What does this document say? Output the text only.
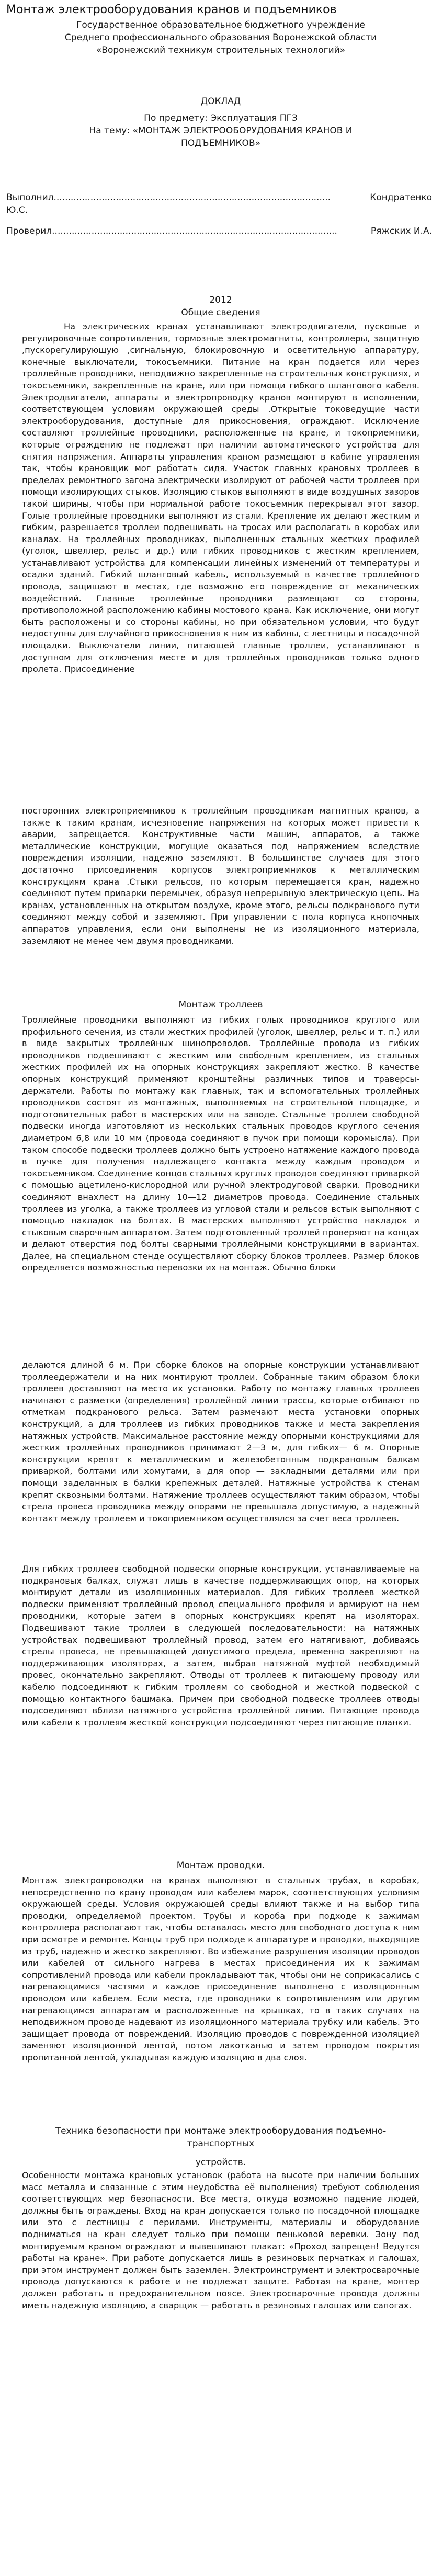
Монтаж электрооборудования кранов и подъемников
Государственное образовательное бюджетного учреждение
Среднего профессионального образования Воронежской области
«Воронежский техникум строительных технологий»
ДОКЛАД
По предмету: Эксплуатация ПГЗ
На тему: «МОНТАЖ ЭЛЕКТРООБОРУДОВАНИЯ КРАНОВ И
ПОДЪЕМНИКОВ»
Выполнил..................................................................................................	Кондратенко
Ю.С.
Проверил.....................................................................................................	Ряжских И.А.
2012
Общие сведения

На электрических кранах устанавливают электродвигатели, пусковые и регулировочные сопротивления, тормозные электромагниты, контроллеры, защитную ,пускорегулирующую ,сигнальную, блокировочную и осветительную аппаратуру, конечные выключатели, токосъемники. Питание на кран подается или через троллейные проводники, неподвижно закрепленные на строительных конструкциях, и токосъемники, закрепленные на кране, или при помощи гибкого шлангового кабеля. Электродвигатели, аппараты и электропроводку кранов монтируют в исполнении, соответствующем условиям окружающей среды .Открытые токоведущие части электрооборудования, доступные для прикосновения, ограждают. Исключение составляют троллейные проводники, расположенные на кране, и токоприемники, которые ограждению не подлежат при наличии автоматического устройства для снятия напряжения. Аппараты управления краном размещают в кабине управления так, чтобы крановщик мог работать сидя. Участок главных крановых троллеев в пределах ремонтного загона электрически изолируют от рабочей части троллеев при помощи изолирующих стыков. Изоляцию стыков выполняют в виде воздушных зазоров такой ширины, чтобы при нормальной работе токосъемник перекрывал этот зазор. Голые троллейные проводники выполняют из стали. Крепление их делают жестким и гибким, разрешается троллеи подвешивать на тросах или располагать в коробах или каналах. На троллейных проводниках, выполненных стальных жестких профилей (уголок, швеллер, рельс и др.) или гибких проводников с жестким креплением, устанавливают устройства для компенсации линейных изменений от температуры и осадки зданий. Гибкий шланговый кабель, используемый в качестве троллейного провода, защищают в местах, где возможно его повреждение от механических воздействий. Главные троллейные проводники размещают со стороны, противоположной расположению кабины мостового крана. Как исключение, они могут быть расположены и со стороны кабины, но при обязательном условии, что будут недоступны для случайного прикосновения к ним из кабины, с лестницы и посадочной площадки. Выключатели линии, питающей главные троллеи, устанавливают в доступном для отключения месте и для троллейных проводников только одного пролета. Присоединение

посторонних электроприемников к троллейным проводникам магнитных кранов, а также к таким кранам, исчезновение напряжения на которых может привести к аварии, запрещается. Конструктивные части машин, аппаратов, а также металлические конструкции, могущие оказаться под напряжением вследствие повреждения изоляции, надежно заземляют. В большинстве случаев для этого достаточно присоединения корпусов электроприемников к металлическим конструкциям крана .Стыки рельсов, по которым перемещается кран, надежно соединяют путем приварки перемычек, образуя непрерывную электрическую цепь. На кранах, установленных на открытом воздухе, кроме этого, рельсы подкранового пути соединяют между собой и заземляют. При управлении с пола корпуса кнопочных аппаратов управления, если они выполнены не из изоляционного материала, заземляют не менее чем двумя проводниками.

Монтаж троллеев

Троллейные проводники выполняют из гибких голых проводников круглого или профильного сечения, из стали жестких профилей (уголок, швеллер, рельс и т. п.) или в виде закрытых троллейных шинопроводов. Троллейные провода из гибких проводников подвешивают с жестким или свободным креплением, из стальных жестких профилей их на опорных конструкциях закрепляют жестко. В качестве опорных конструкций применяют кронштейны различных типов и траверсы-держатели. Работы по монтажу как главных, так и вспомогательных троллейных проводников состоят из монтажных, выполняемых на строительной площадке, и подготовительных работ в мастерских или на заводе. Стальные троллеи свободной подвески иногда изготовляют из нескольких стальных проводов круглого сечения диаметром 6,8 или 10 мм (провода соединяют в пучок при помощи коромысла). При таком способе подвески троллеев должно быть устроено натяжение каждого провода в пучке для получения надлежащего контакта между каждым проводом и токосъемником. Соединение концов стальных круглых проводов соединяют приваркой с помощью ацетилено-кислородной или ручной электродуговой сварки. Проводники соединяют внахлест на длину 10—12 диаметров провода. Соединение стальных троллеев из уголка, а также троллеев из угловой стали и рельсов встык выполняют с помощью накладок на болтах. В мастерских выполняют устройство накладок и стыковым сварочным аппаратом. Затем подготовленный троллей проверяют на концах и делают отверстия под болты сварными троллейными конструкциями в вариантах. Далее, на специальном стенде осуществляют сборку блоков троллеев. Размер блоков определяется возможностью перевозки их на монтаж. Обычно блоки

делаются длиной 6 м. При сборке блоков на опорные конструкции устанавливают троллеедержатели и на них монтируют троллеи. Собранные таким образом блоки троллеев доставляют на место их установки. Работу по монтажу главных троллеев начинают с разметки (определения) троллейной линии трассы, которые отбивают по отметкам подкранового рельса. Затем размечают места установки опорных конструкций, а для троллеев из гибких проводников также и места закрепления натяжных устройств. Максимальное расстояние между опорными конструкциями для жестких троллейных проводников принимают 2—3 м, для гибких— 6 м. Опорные конструкции крепят к металлическим и железобетонным подкрановым балкам приваркой, болтами или хомутами, а для опор — закладными деталями или при помощи заделанных в балки крепежных деталей. Натяжные устройства к стенам крепят сквозными болтами. Натяжение троллеев осуществляют таким образом, чтобы стрела провеса проводника между опорами не превышала допустимую, а надежный контакт между троллеем и токоприемником осуществлялся за счет веса троллеев.

Для гибких троллеев свободной подвески опорные конструкции, устанавливаемые на подкрановых балках, служат лишь в качестве поддерживающих опор, на которых монтируют детали из изоляционных материалов. Для гибких троллеев жесткой подвески применяют троллейный провод специального профиля и армируют на нем проводники, которые затем в опорных конструкциях крепят на изоляторах. Подвешивают такие троллеи в следующей последовательности: на натяжных устройствах подвешивают троллейный провод, затем его натягивают, добиваясь стрелы провеса, не превышающей допустимого предела, временно закрепляют на поддерживающих изоляторах, а затем, выбрав натяжной муфтой необходимый провес, окончательно закрепляют. Отводы от троллеев к питающему проводу или кабелю подсоединяют к гибким троллеям со свободной и жесткой подвеской с помощью контактного башмака. Причем при свободной подвеске троллеев отводы подсоединяют вблизи натяжного устройства троллейной линии. Питающие провода или кабели к троллеям жесткой конструкции подсоединяют через питающие планки.

Монтаж проводки.

Монтаж электропроводки на кранах выполняют в стальных трубах, в коробах, непосредственно по крану проводом или кабелем марок, соответствующих условиям окружающей среды. Условия окружающей среды влияют также и на выбор типа проводки, определяемой проектом. Трубы и короба при подходе к зажимам контроллера располагают так, чтобы оставалось место для свободного доступа к ним при осмотре и ремонте. Концы труб при подходе к аппаратуре и проводки, выходящие из труб, надежно и жестко закрепляют. Во избежание разрушения изоляции проводов или кабелей от сильного нагрева в местах присоединения их к зажимам сопротивлений провода или кабели прокладывают так, чтобы они не соприкасались с нагревающимися частями и каждое присоединение выполнено с изоляционным проводом или кабелем. Если места, где проводники к сопротивлениям или другим нагревающимся аппаратам и расположенные на крышках, то в таких случаях на неподвижном проводе надевают из изоляционного материала трубку или кабель. Это защищает провода от повреждений. Изоляцию проводов с поврежденной изоляцией заменяют изоляционной лентой, потом лакотканью и затем проводом покрытия пропитанной лентой, укладывая каждую изоляцию в два слоя.

Техника безопасности при монтаже электрооборудования подъемно-транспортных
устройств.

Особенности монтажа крановых установок (работа на высоте при наличии больших масс металла и связанные с этим неудобства её выполнения) требуют соблюдения соответствующих мер безопасности. Все места, откуда возможно падение людей, должны быть ограждены. Вход на кран допускается только по посадочной площадке или это с лестницы с перилами. Инструменты, материалы и оборудование подниматься на кран следует только при помощи пеньковой веревки. Зону под монтируемым краном ограждают и вывешивают плакат: «Проход запрещен! Ведутся работы на кране». При работе допускается лишь в резиновых перчатках и галошах, при этом инструмент должен быть заземлен. Электроинструмент и электросварочные провода допускаются к работе и не подлежат защите. Работая на кране, монтер должен работать в предохранительном поясе. Электросварочные провода должны иметь надежную изоляцию, а сварщик — работать в резиновых галошах или сапогах.
